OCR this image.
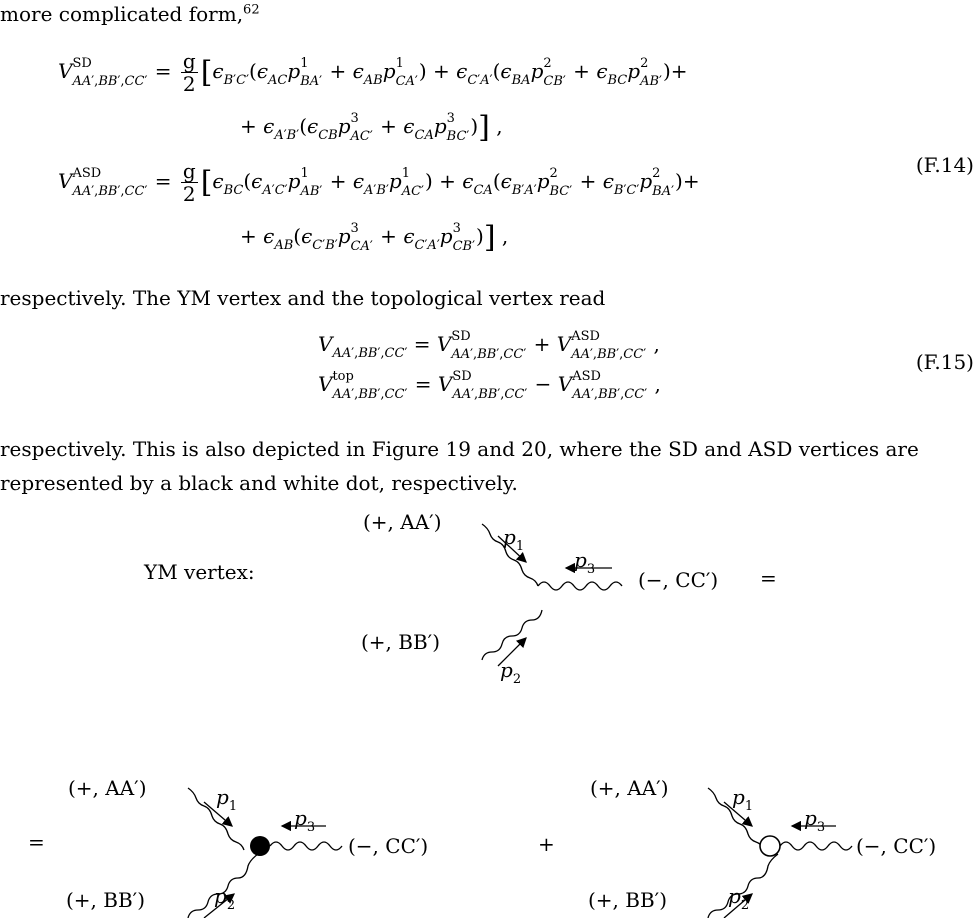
more complicated form,$^{62}$
V SD
$AA',BB',CC' = \frac{g}{2} [\epsilon_{B'C'}(\epsilon_{AC}p$ 1
$BA' + \epsilon_{AB}p$ 1
CA′ ) + $\epsilon_{C'A'}(\epsilon_{BA}p$ 2
$CB' + \epsilon_{BC}p$ 2
AB′ )+
+ $\epsilon_{A'B'}(\epsilon_{CB}p$ 3
$AC' + \epsilon_{CA}p$ 3
BC′ )] ,
V ASD
$AA',BB',CC' = \frac{g}{2} [\epsilon_{BC}(\epsilon_{A'C'}p$ 1
$AB' + \epsilon_{A'B'}p$ 1
AC′ ) + $\epsilon_{CA}(\epsilon_{B'A'}p$ 2
$BC' + \epsilon_{B'C'}p$ 2
BA′ )+
+ $\epsilon_{AB}(\epsilon_{C'B'}p$ 3
$CA' + \epsilon_{C'A'}p$ 3
CB′ )] ,
(F.14)
respectively. The YM vertex and the topological vertex read
$V_{AA',BB',CC'} = V$ SD
AA′,BB′,CC′ + V ASD
AA′,BB′,CC′ ,
V top
AA′,BB′,CC′ = V SD
AA′,BB′,CC′ − V ASD
AA′,BB′,CC′ ,
(F.15)
respectively. This is also depicted in Figure 19 and 20, where the SD and ASD vertices are represented by a black and white dot, respectively.
YM vertex:
(+, AA′)
(+, BB′)
(−, CC′) =
$p_1$
$p_2$
$p_3$
=
(+, AA′)
(+, BB′)
(−, CC′)
$p_1$
$p_2$
$p_3$
+
(+, AA′)
(+, BB′)
(−, CC′)
$p_1$
$p_2$
$p_3$
